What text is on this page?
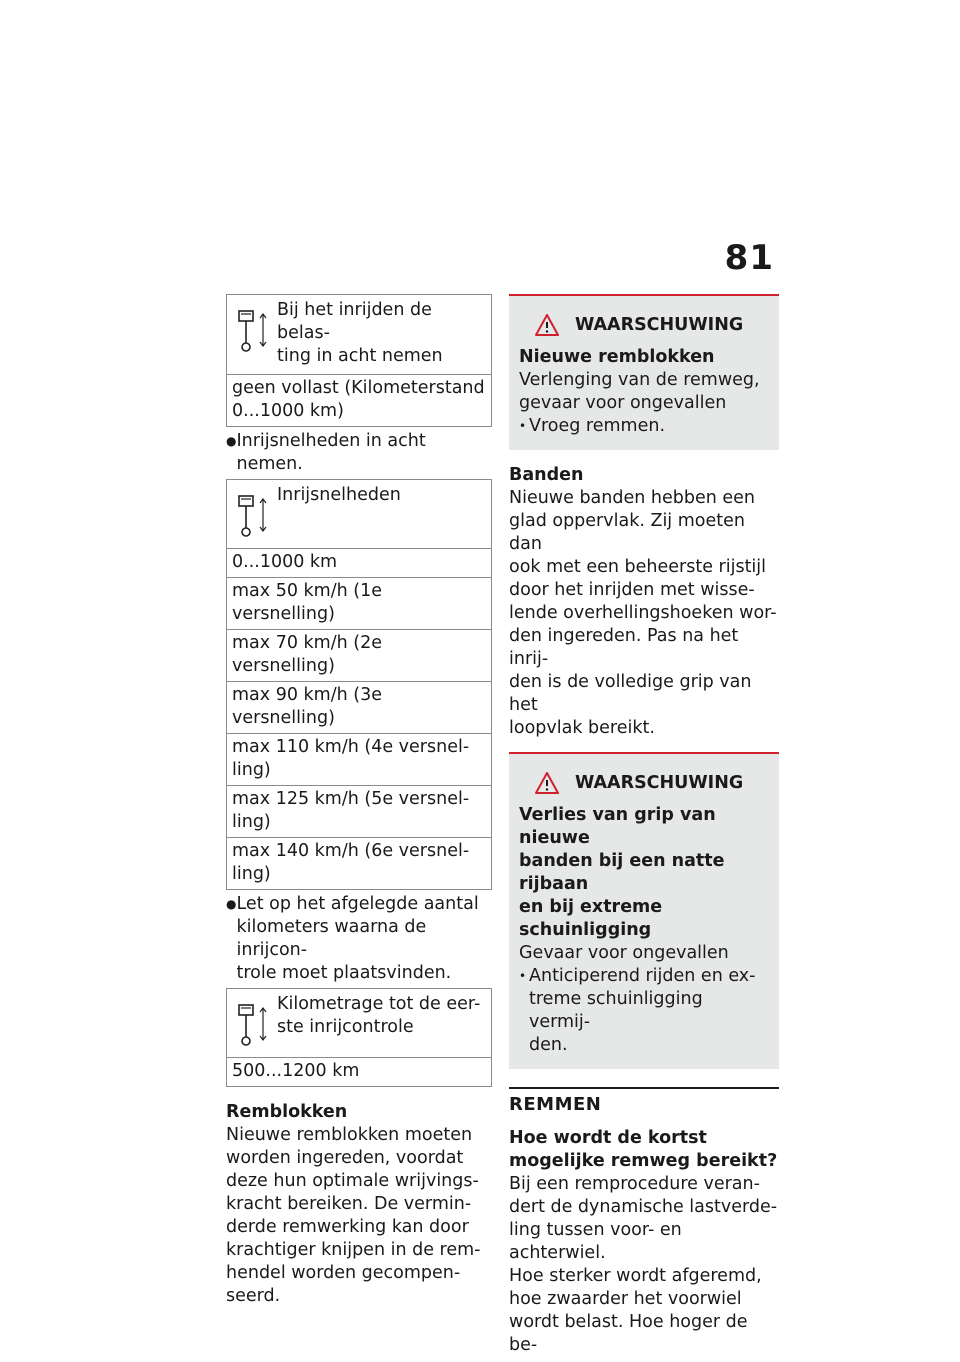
81
Bij het inrijden de belas-
ting in acht nemen
geen vollast (Kilometerstand
0...1000 km)
● Inrijsnelheden in acht nemen.
Inrijsnelheden
0...1000 km
max 50 km/h (1e versnelling)
max 70 km/h (2e versnelling)
max 90 km/h (3e versnelling)
max 110 km/h (4e versnel-
ling)
max 125 km/h (5e versnel-
ling)
max 140 km/h (6e versnel-
ling)
● Let op het afgelegde aantal
kilometers waarna de inrijcon-
trole moet plaatsvinden.
Kilometrage tot de eer-
ste inrijcontrole
500...1200 km
Remblokken
Nieuwe remblokken moeten
worden ingereden, voordat
deze hun optimale wrijvings-
kracht bereiken. De vermin-
derde remwerking kan door
krachtiger knijpen in de rem-
hendel worden gecompen-
seerd.
WAARSCHUWING
Nieuwe remblokken
Verlenging van de remweg,
gevaar voor ongevallen
• Vroeg remmen.
Banden
Nieuwe banden hebben een
glad oppervlak. Zij moeten dan
ook met een beheerste rijstijl
door het inrijden met wisse-
lende overhellingshoeken wor-
den ingereden. Pas na het inrij-
den is de volledige grip van het
loopvlak bereikt.
WAARSCHUWING
Verlies van grip van nieuwe
banden bij een natte rijbaan
en bij extreme schuinligging
Gevaar voor ongevallen
• Anticiperend rijden en ex-
treme schuinligging vermij-
den.
REMMEN
Hoe wordt de kortst
mogelijke remweg bereikt?
Bij een remprocedure veran-
dert de dynamische lastverde-
ling tussen voor- en achterwiel.
Hoe sterker wordt afgeremd,
hoe zwaarder het voorwiel
wordt belast. Hoe hoger de be-
